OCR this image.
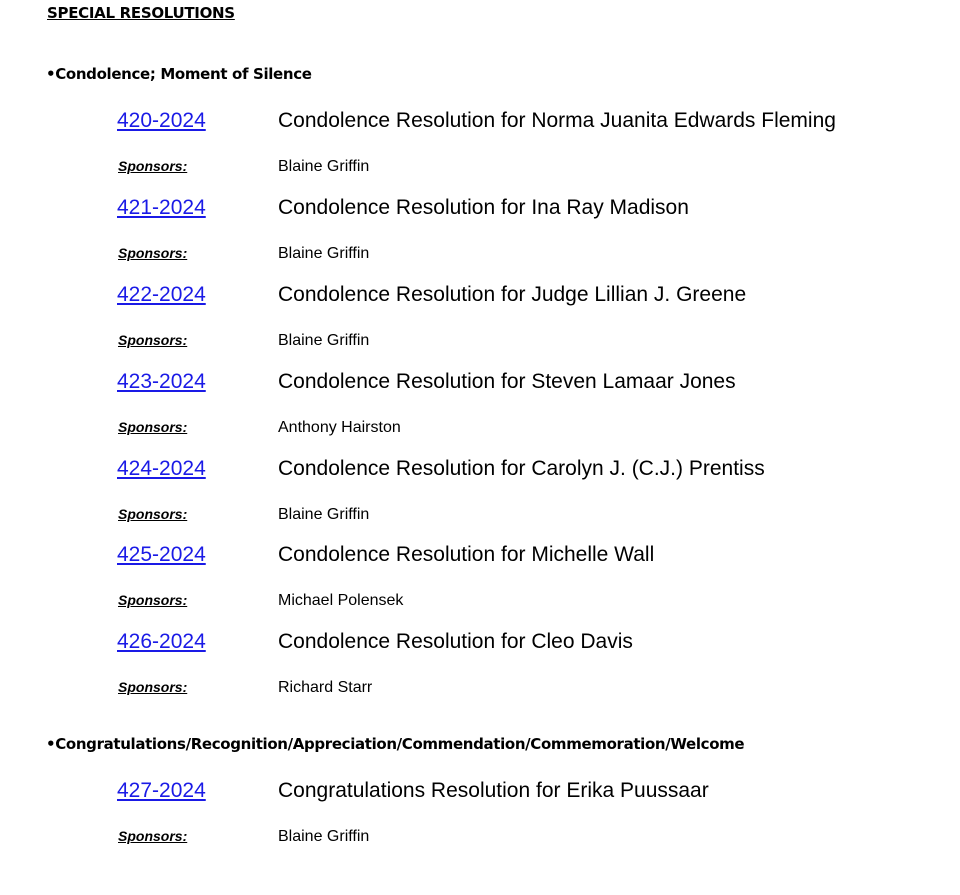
SPECIAL RESOLUTIONS
•Condolence; Moment of Silence
420-2024	Condolence Resolution for Norma Juanita Edwards Fleming
Sponsors:	Blaine Griffin
421-2024	Condolence Resolution for Ina Ray Madison
Sponsors:	Blaine Griffin
422-2024	Condolence Resolution for Judge Lillian J. Greene
Sponsors:	Blaine Griffin
423-2024	Condolence Resolution for Steven Lamaar Jones
Sponsors:	Anthony Hairston
424-2024	Condolence Resolution for Carolyn J. (C.J.) Prentiss
Sponsors:	Blaine Griffin
425-2024	Condolence Resolution for Michelle Wall
Sponsors:	Michael Polensek
426-2024	Condolence Resolution for Cleo Davis
Sponsors:	Richard Starr
•Congratulations/Recognition/Appreciation/Commendation/Commemoration/Welcome
427-2024	Congratulations Resolution for Erika Puussaar
Sponsors:	Blaine Griffin
